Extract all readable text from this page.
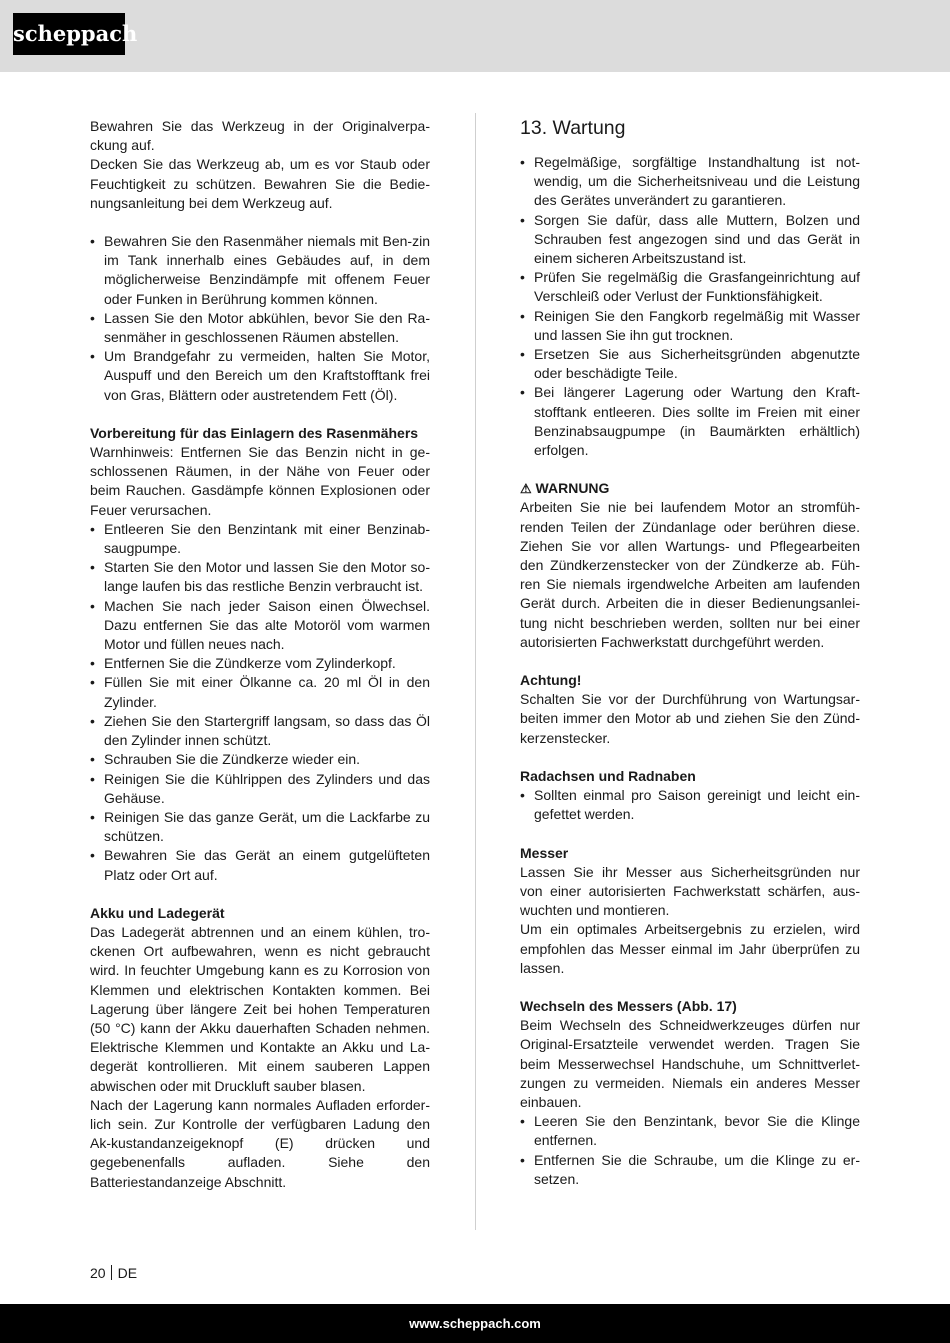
scheppach

Bewahren Sie das Werkzeug in der Originalverpa-ckung auf.

Decken Sie das Werkzeug ab, um es vor Staub oder Feuchtigkeit zu schützen. Bewahren Sie die Bedie-nungsanleitung bei dem Werkzeug auf.

• Bewahren Sie den Rasenmäher niemals mit Ben-zin im Tank innerhalb eines Gebäudes auf, in dem möglicherweise Benzindämpfe mit offenem Feuer oder Funken in Berührung kommen können.
• Lassen Sie den Motor abkühlen, bevor Sie den Ra-senmäher in geschlossenen Räumen abstellen.
• Um Brandgefahr zu vermeiden, halten Sie Motor, Auspuff und den Bereich um den Kraftstofftank frei von Gras, Blättern oder austretendem Fett (Öl).

Vorbereitung für das Einlagern des Rasenmähers

Warnhinweis: Entfernen Sie das Benzin nicht in ge-schlossenen Räumen, in der Nähe von Feuer oder beim Rauchen. Gasdämpfe können Explosionen oder Feuer verursachen.

• Entleeren Sie den Benzintank mit einer Benzinab-saugpumpe.
• Starten Sie den Motor und lassen Sie den Motor so-lange laufen bis das restliche Benzin verbraucht ist.
• Machen Sie nach jeder Saison einen Ölwechsel. Dazu entfernen Sie das alte Motoröl vom warmen Motor und füllen neues nach.
• Entfernen Sie die Zündkerze vom Zylinderkopf.
• Füllen Sie mit einer Ölkanne ca. 20 ml Öl in den Zylinder.
• Ziehen Sie den Startergriff langsam, so dass das Öl den Zylinder innen schützt.
• Schrauben Sie die Zündkerze wieder ein.
• Reinigen Sie die Kühlrippen des Zylinders und das Gehäuse.
• Reinigen Sie das ganze Gerät, um die Lackfarbe zu schützen.
• Bewahren Sie das Gerät an einem gutgelüfteten Platz oder Ort auf.

Akku und Ladegerät

Das Ladegerät abtrennen und an einem kühlen, tro-ckenen Ort aufbewahren, wenn es nicht gebraucht wird. In feuchter Umgebung kann es zu Korrosion von Klemmen und elektrischen Kontakten kommen. Bei Lagerung über längere Zeit bei hohen Temperaturen (50 °C) kann der Akku dauerhaften Schaden nehmen. Elektrische Klemmen und Kontakte an Akku und La-degerät kontrollieren. Mit einem sauberen Lappen abwischen oder mit Druckluft sauber blasen.

Nach der Lagerung kann normales Aufladen erforder-lich sein. Zur Kontrolle der verfügbaren Ladung den Ak-kustandanzeigeknopf (E) drücken und gegebenenfalls aufladen. Siehe den Batteriestandanzeige Abschnitt.

13. Wartung
• Regelmäßige, sorgfältige Instandhaltung ist not-wendig, um die Sicherheitsniveau und die Leistung des Gerätes unverändert zu garantieren.
• Sorgen Sie dafür, dass alle Muttern, Bolzen und Schrauben fest angezogen sind und das Gerät in einem sicheren Arbeitszustand ist.
• Prüfen Sie regelmäßig die Grasfangeinrichtung auf Verschleiß oder Verlust der Funktionsfähigkeit.
• Reinigen Sie den Fangkorb regelmäßig mit Wasser und lassen Sie ihn gut trocknen.
• Ersetzen Sie aus Sicherheitsgründen abgenutzte oder beschädigte Teile.
• Bei längerer Lagerung oder Wartung den Kraft-stofftank entleeren. Dies sollte im Freien mit einer Benzinabsaugpumpe (in Baumärkten erhältlich) erfolgen.

⚠ WARNUNG

Arbeiten Sie nie bei laufendem Motor an stromfüh-renden Teilen der Zündanlage oder berühren diese. Ziehen Sie vor allen Wartungs- und Pflegearbeiten den Zündkerzenstecker von der Zündkerze ab. Füh-ren Sie niemals irgendwelche Arbeiten am laufenden Gerät durch. Arbeiten die in dieser Bedienungsanlei-tung nicht beschrieben werden, sollten nur bei einer autorisierten Fachwerkstatt durchgeführt werden.

Achtung!

Schalten Sie vor der Durchführung von Wartungsar-beiten immer den Motor ab und ziehen Sie den Zünd-kerzenstecker.

Radachsen und Radnaben

• Sollten einmal pro Saison gereinigt und leicht ein-gefettet werden.

Messer

Lassen Sie ihr Messer aus Sicherheitsgründen nur von einer autorisierten Fachwerkstatt schärfen, aus-wuchten und montieren.

Um ein optimales Arbeitsergebnis zu erzielen, wird empfohlen das Messer einmal im Jahr überprüfen zu lassen.

Wechseln des Messers (Abb. 17)

Beim Wechseln des Schneidwerkzeuges dürfen nur Original-Ersatzteile verwendet werden. Tragen Sie beim Messerwechsel Handschuhe, um Schnittverlet-zungen zu vermeiden. Niemals ein anderes Messer einbauen.

• Leeren Sie den Benzintank, bevor Sie die Klinge entfernen.
• Entfernen Sie die Schraube, um die Klinge zu er-setzen.
20 DE
www.scheppach.com
